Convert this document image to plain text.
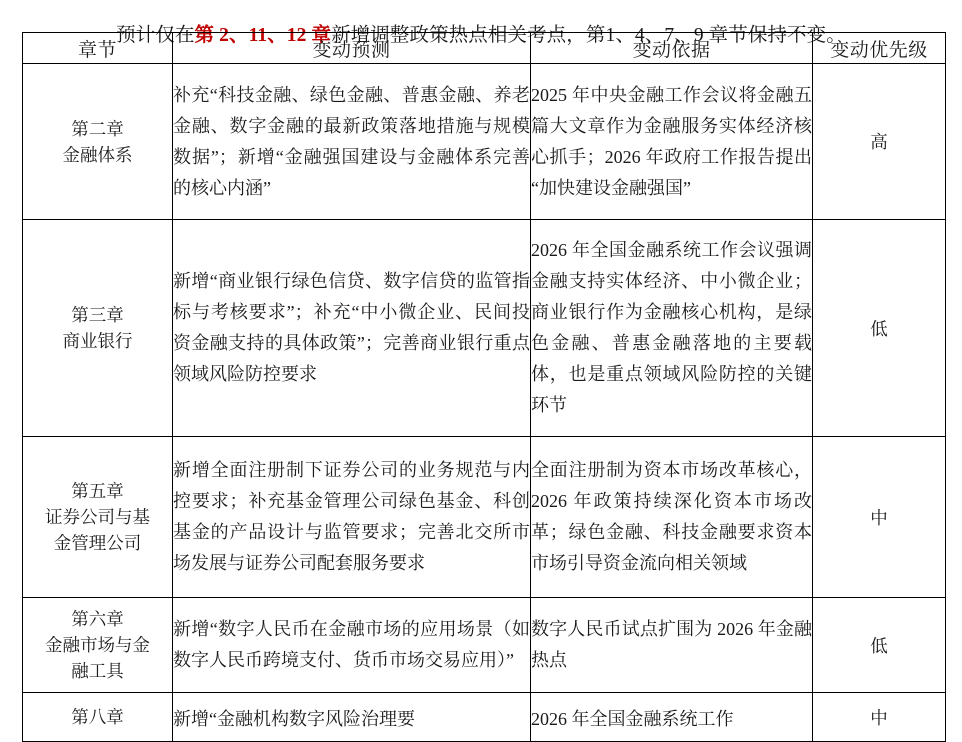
预计仅在第 2、11、12 章新增调整政策热点相关考点，第1、4、7、9 章节保持不变。

章节	变动预测	变动依据	变动优先级

第二章
金融体系	补充“科技金融、绿色金融、普惠金融、养老金融、数字金融的最新政策落地措施与规模数据”；新增“金融强国建设与金融体系完善的核心内涵”	2025 年中央金融工作会议将金融五篇大文章作为金融服务实体经济核心抓手；2026 年政府工作报告提出“加快建设金融强国”	高

第三章
商业银行	新增“商业银行绿色信贷、数字信贷的监管指标与考核要求”；补充“中小微企业、民间投资金融支持的具体政策”；完善商业银行重点领域风险防控要求	2026 年全国金融系统工作会议强调金融支持实体经济、中小微企业；商业银行作为金融核心机构，是绿色金融、普惠金融落地的主要载体，也是重点领域风险防控的关键环节	低

第五章
证券公司与基
金管理公司	新增全面注册制下证券公司的业务规范与内控要求；补充基金管理公司绿色基金、科创基金的产品设计与监管要求；完善北交所市场发展与证券公司配套服务要求	全面注册制为资本市场改革核心，2026 年政策持续深化资本市场改革；绿色金融、科技金融要求资本市场引导资金流向相关领域	中

第六章
金融市场与金
融工具	新增“数字人民币在金融市场的应用场景（如数字人民币跨境支付、货币市场交易应用）”	数字人民币试点扩围为 2026 年金融热点	低

第八章	新增“金融机构数字风险治理要	2026 年全国金融系统工作	中
